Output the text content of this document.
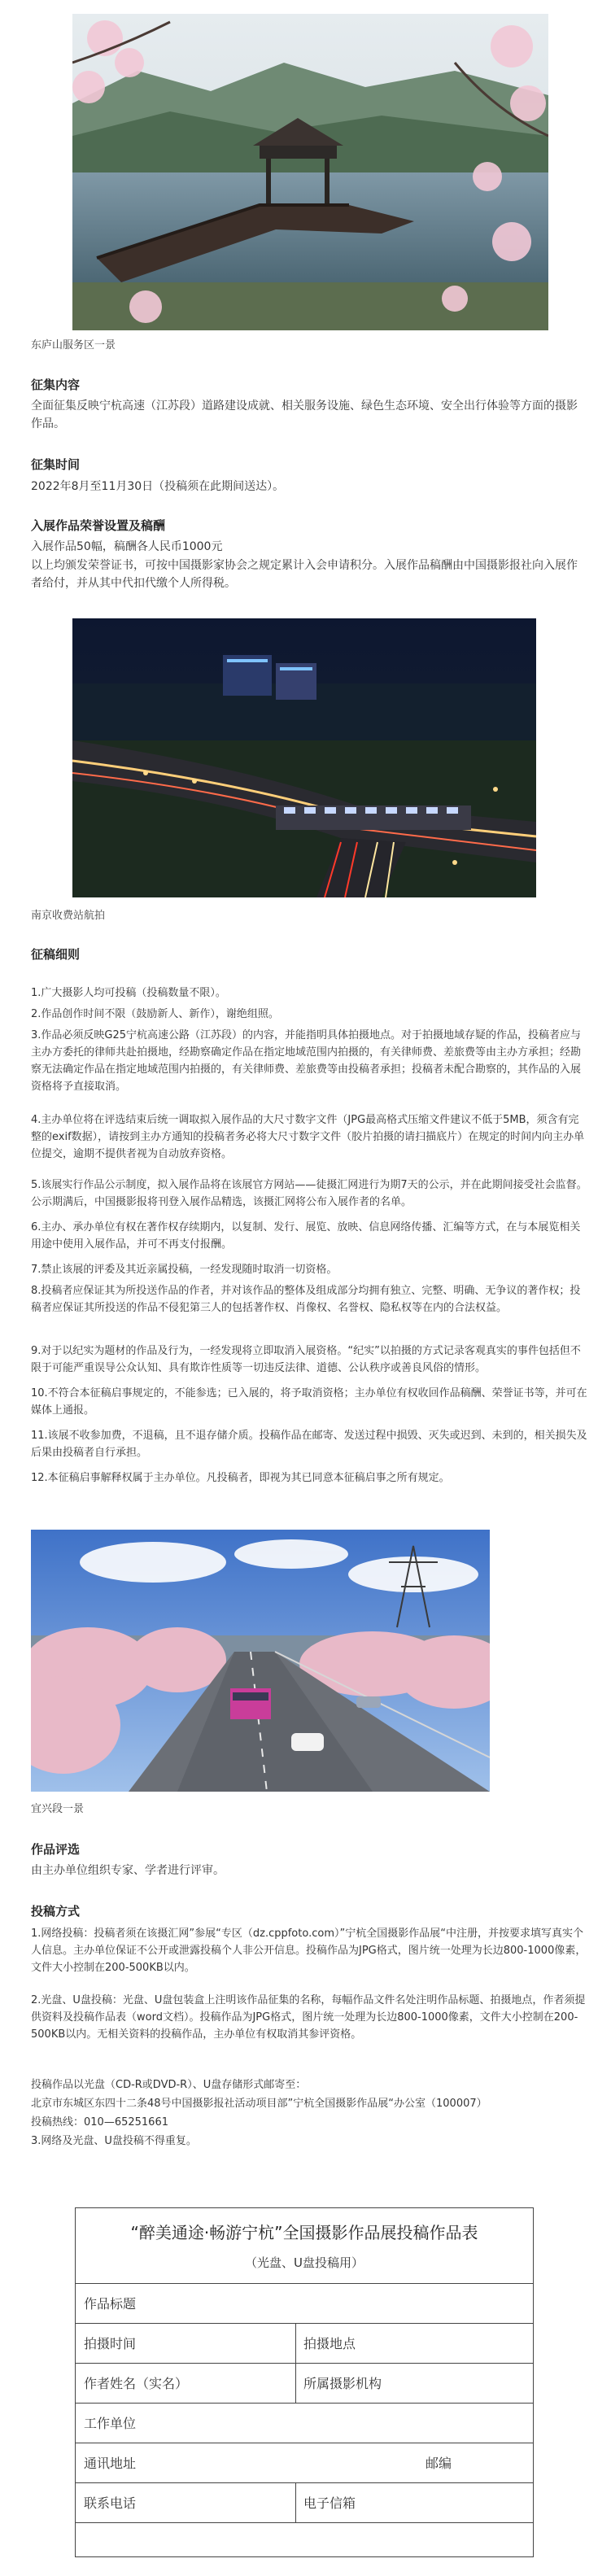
东庐山服务区一景
征集内容
全面征集反映宁杭高速（江苏段）道路建设成就、相关服务设施、绿色生态环境、安全出行体验等方面的摄影作品。
征集时间
2022年8月至11月30日（投稿须在此期间送达）。
入展作品荣誉设置及稿酬
入展作品50幅，稿酬各人民币1000元
以上均颁发荣誉证书，可按中国摄影家协会之规定累计入会申请积分。入展作品稿酬由中国摄影报社向入展作者给付，并从其中代扣代缴个人所得税。
南京收费站航拍
征稿细则
1.广大摄影人均可投稿（投稿数量不限）。
2.作品创作时间不限（鼓励新人、新作），谢绝组照。
3.作品必须反映G25宁杭高速公路（江苏段）的内容，并能指明具体拍摄地点。对于拍摄地域存疑的作品，投稿者应与主办方委托的律师共赴拍摄地，经勘察确定作品在指定地域范围内拍摄的，有关律师费、差旅费等由主办方承担；经勘察无法确定作品在指定地域范围内拍摄的，有关律师费、差旅费等由投稿者承担；投稿者未配合勘察的，其作品的入展资格将予直接取消。
4.主办单位将在评选结束后统一调取拟入展作品的大尺寸数字文件（JPG最高格式压缩文件建议不低于5MB，须含有完整的exif数据），请按到主办方通知的投稿者务必将大尺寸数字文件（胶片拍摄的请扫描底片）在规定的时间内向主办单位提交，逾期不提供者视为自动放弃资格。
5.该展实行作品公示制度，拟入展作品将在该展官方网站——徒摄汇网进行为期7天的公示，并在此期间接受社会监督。公示期满后，中国摄影报将刊登入展作品精选，该摄汇网将公布入展作者的名单。
6.主办、承办单位有权在著作权存续期内，以复制、发行、展览、放映、信息网络传播、汇编等方式，在与本展览相关用途中使用入展作品，并可不再支付报酬。
7.禁止该展的评委及其近亲属投稿，一经发现随时取消一切资格。
8.投稿者应保证其为所投送作品的作者，并对该作品的整体及组成部分均拥有独立、完整、明确、无争议的著作权；投稿者应保证其所投送的作品不侵犯第三人的包括著作权、肖像权、名誉权、隐私权等在内的合法权益。
9.对于以纪实为题材的作品及行为，一经发现将立即取消入展资格。“纪实”以拍摄的方式记录客观真实的事件包括但不限于可能严重误导公众认知、具有欺诈性质等一切违反法律、道德、公认秩序或善良风俗的情形。
10.不符合本征稿启事规定的，不能参选；已入展的，将予取消资格；主办单位有权收回作品稿酬、荣誉证书等，并可在媒体上通报。
11.该展不收参加费，不退稿，且不退存储介质。投稿作品在邮寄、发送过程中损毁、灭失或迟到、未到的，相关损失及后果由投稿者自行承担。
12.本征稿启事解释权属于主办单位。凡投稿者，即视为其已同意本征稿启事之所有规定。
宜兴段一景
作品评选
由主办单位组织专家、学者进行评审。
投稿方式
1.网络投稿：投稿者须在该摄汇网”参展“专区（dz.cppfoto.com）”宁杭全国摄影作品展“中注册，并按要求填写真实个人信息。主办单位保证不公开或泄露投稿个人非公开信息。投稿作品为JPG格式，图片统一处理为长边800-1000像素，文件大小控制在200-500KB以内。
2.光盘、U盘投稿：光盘、U盘包装盒上注明该作品征集的名称，每幅作品文件名处注明作品标题、拍摄地点，作者须提供资料及投稿作品表（word文档）。投稿作品为JPG格式，图片统一处理为长边800-1000像素，文件大小控制在200-500KB以内。无相关资料的投稿作品，主办单位有权取消其参评资格。
投稿作品以光盘（CD-R或DVD-R）、U盘存储形式邮寄至：
北京市东城区东四十二条48号中国摄影报社活动项目部”宁杭全国摄影作品展“办公室（100007）
投稿热线：010—65251661
3.网络及光盘、U盘投稿不得重复。
“醉美通途·畅游宁杭”全国摄影作品展投稿作品表
（光盘、U盘投稿用）
作品标题
拍摄时间	拍摄地点
作者姓名（实名）	所属摄影机构
工作单位
通讯地址	邮编
联系电话	电子信箱
